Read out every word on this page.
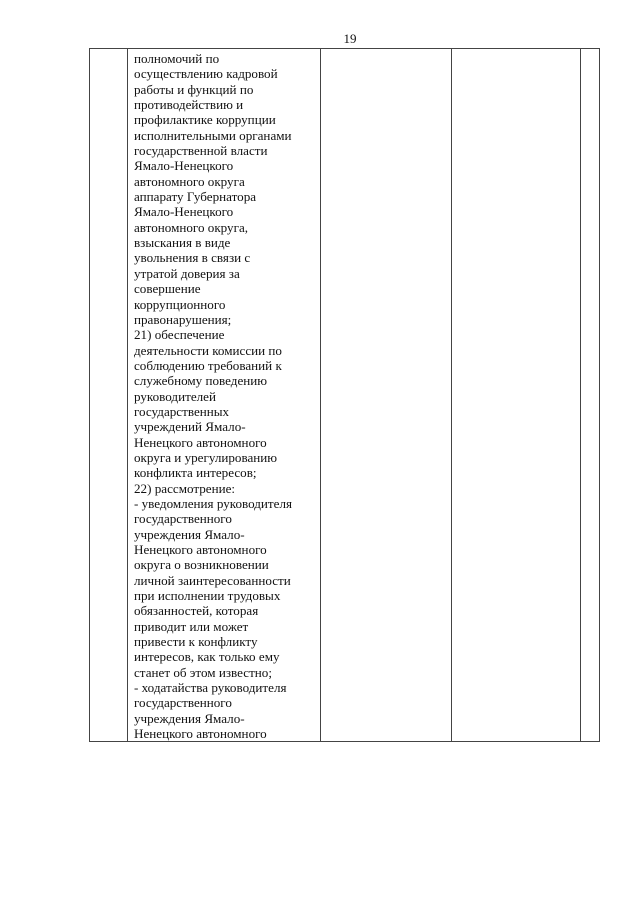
19

полномочий по
осуществлению кадровой
работы и функций по
противодействию и
профилактике коррупции
исполнительными органами
государственной власти
Ямало-Ненецкого
автономного округа
аппарату Губернатора
Ямало-Ненецкого
автономного округа,
взыскания в виде
увольнения в связи с
утратой доверия за
совершение
коррупционного
правонарушения;
21) обеспечение
деятельности комиссии по
соблюдению требований к
служебному поведению
руководителей
государственных
учреждений Ямало-
Ненецкого автономного
округа и урегулированию
конфликта интересов;
22) рассмотрение:
- уведомления руководителя
государственного
учреждения Ямало-
Ненецкого автономного
округа о возникновении
личной заинтересованности
при исполнении трудовых
обязанностей, которая
приводит или может
привести к конфликту
интересов, как только ему
станет об этом известно;
- ходатайства руководителя
государственного
учреждения Ямало-
Ненецкого автономного
